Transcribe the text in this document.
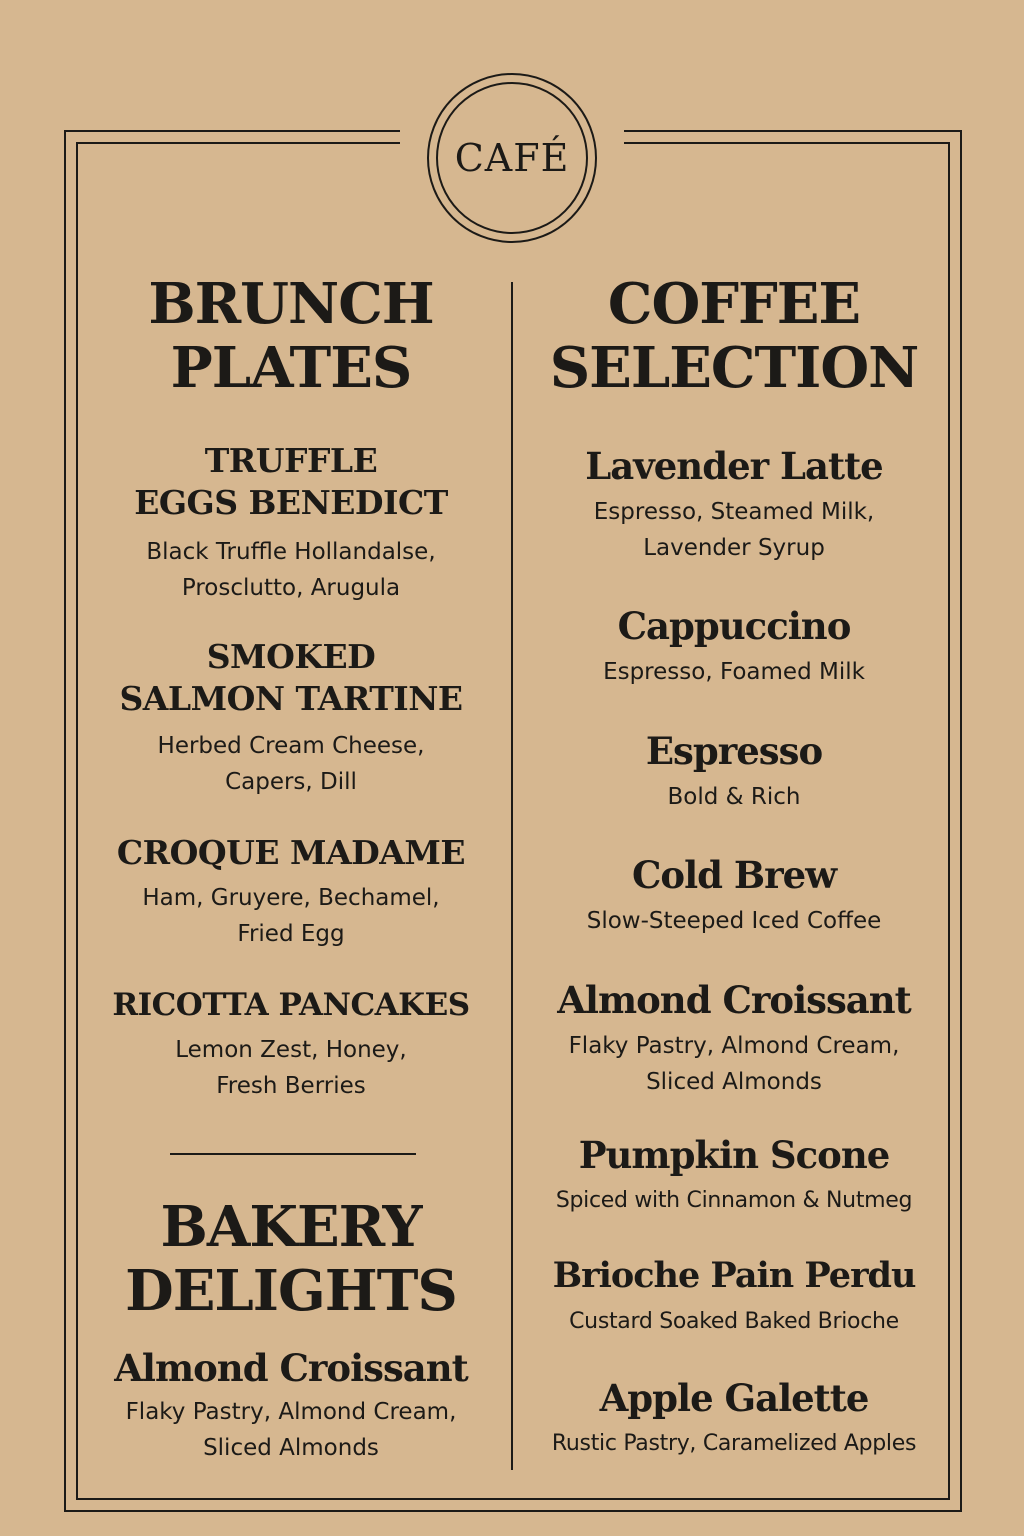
CAFÉ
BRUNCH
PLATES
TRUFFLE
EGGS BENEDICT
Black Truffle Hollandalse,
Prosclutto, Arugula
SMOKED
SALMON TARTINE
Herbed Cream Cheese,
Capers, Dill
CROQUE MADAME
Ham, Gruyere, Bechamel,
Fried Egg
RICOTTA PANCAKES
Lemon Zest, Honey,
Fresh Berries
BAKERY
DELIGHTS
Almond Croissant
Flaky Pastry, Almond Cream,
Sliced Almonds
COFFEE
SELECTION
Lavender Latte
Espresso, Steamed Milk,
Lavender Syrup
Cappuccino
Espresso, Foamed Milk
Espresso
Bold & Rich
Cold Brew
Slow-Steeped Iced Coffee
Almond Croissant
Flaky Pastry, Almond Cream,
Sliced Almonds
Pumpkin Scone
Spiced with Cinnamon & Nutmeg
Brioche Pain Perdu
Custard Soaked Baked Brioche
Apple Galette
Rustic Pastry, Caramelized Apples
